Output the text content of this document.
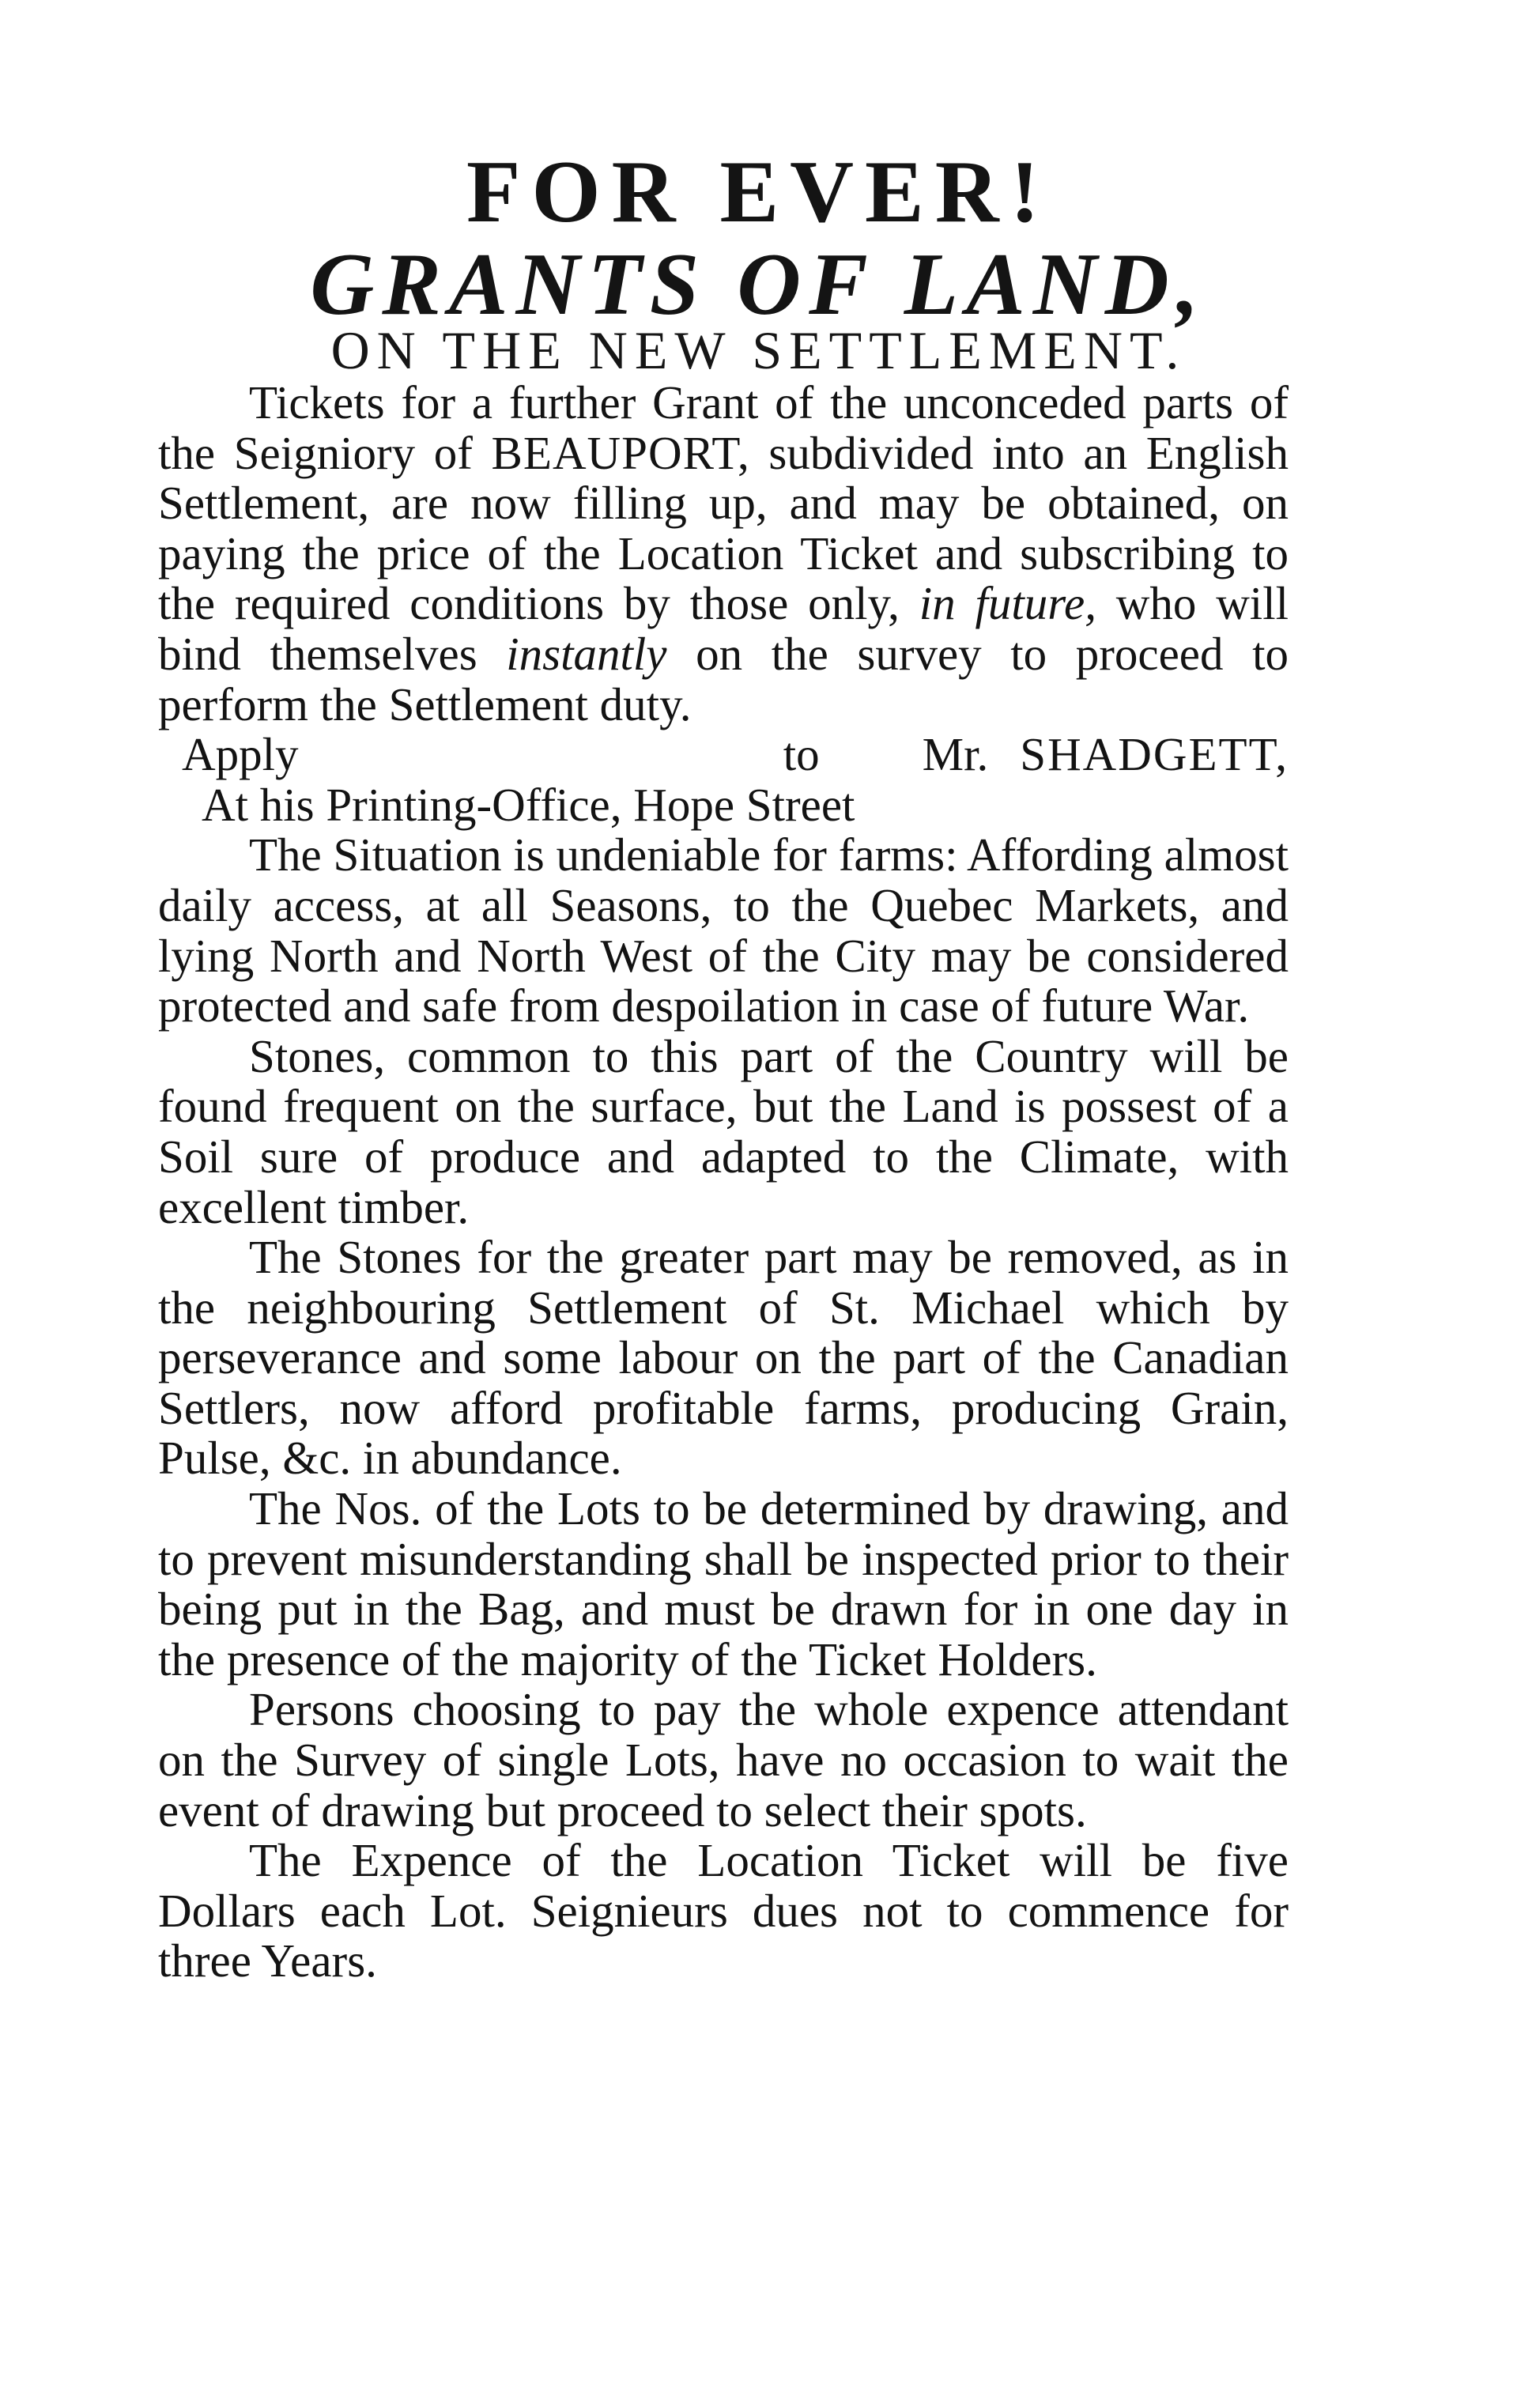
FOR EVER!
GRANTS OF LAND,
ON THE NEW SETTLEMENT.

Tickets for a further Grant of the unconceded parts of the Seigniory of BEAUPORT, subdivided into an English Settlement, are now filling up, and may be obtained, on paying the price of the Location Ticket and subscribing to the required conditions by those only, in future, who will bind themselves instantly on the survey to proceed to perform the Settlement duty.

Apply to Mr. SHADGETT,

At his Printing-Office, Hope Street

The Situation is undeniable for farms: Affording almost daily access, at all Seasons, to the Quebec Markets, and lying North and North West of the City may be considered protected and safe from despoilation in case of future War.

Stones, common to this part of the Country will be found frequent on the surface, but the Land is possest of a Soil sure of produce and adapted to the Climate, with excellent timber.

The Stones for the greater part may be removed, as in the neighbouring Settlement of St. Michael which by perseverance and some labour on the part of the Canadian Settlers, now afford profitable farms, producing Grain, Pulse, &c. in abundance.

The Nos. of the Lots to be determined by drawing, and to prevent misunderstanding shall be inspected prior to their being put in the Bag, and must be drawn for in one day in the presence of the majority of the Ticket Holders.

Persons choosing to pay the whole expence attendant on the Survey of single Lots, have no occasion to wait the event of drawing but proceed to select their spots.

The Expence of the Location Ticket will be five Dollars each Lot. Seignieurs dues not to commence for three Years.
